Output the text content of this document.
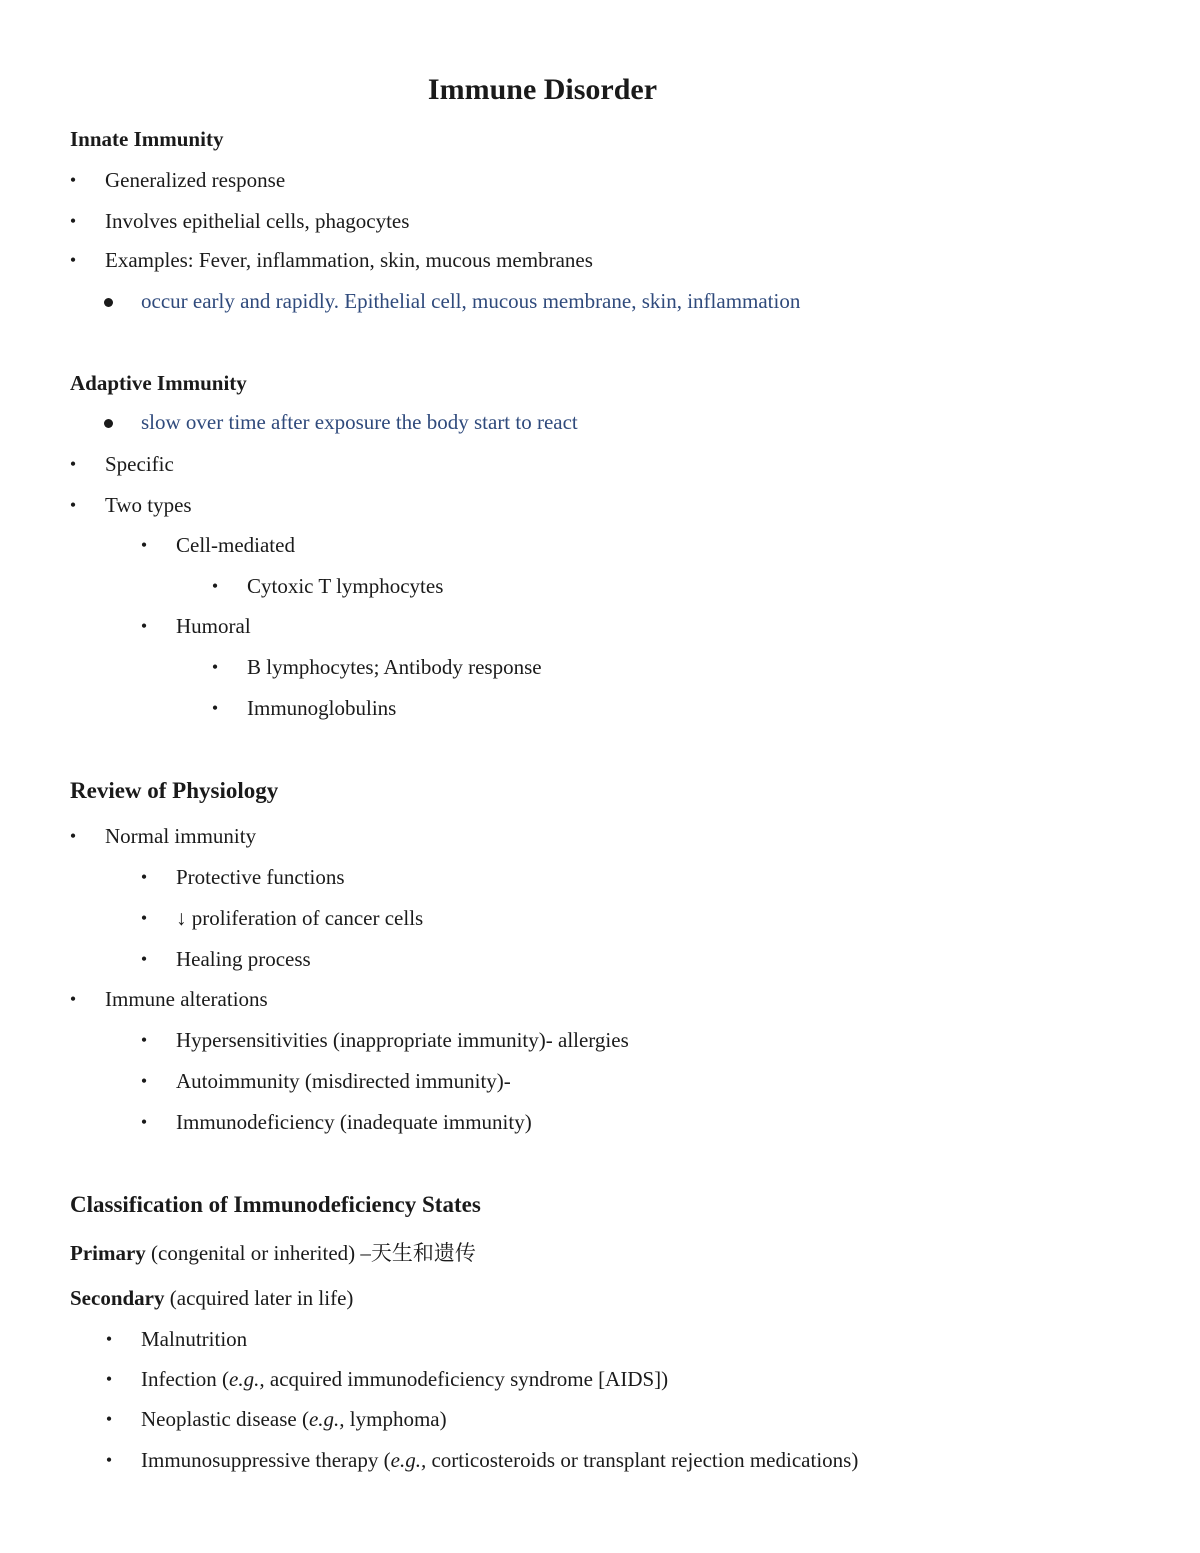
Immune Disorder
Innate Immunity
•	Generalized response
•	Involves epithelial cells, phagocytes
•	Examples: Fever, inflammation, skin, mucous membranes
occur early and rapidly. Epithelial cell, mucous membrane, skin, inflammation
Adaptive Immunity
slow over time after exposure the body start to react
•	Specific
•	Two types
•	Cell-mediated
•	Cytoxic T lymphocytes
•	Humoral
•	B lymphocytes; Antibody response
•	Immunoglobulins
Review of Physiology
•	Normal immunity
•	Protective functions
•	↓ proliferation of cancer cells
•	Healing process
•	Immune alterations
•	Hypersensitivities (inappropriate immunity)- allergies
•	Autoimmunity (misdirected immunity)-
•	Immunodeficiency (inadequate immunity)
Classification of Immunodeficiency States
Primary (congenital or inherited) –天生和遗传
Secondary (acquired later in life)
•	Malnutrition
•	Infection (e.g., acquired immunodeficiency syndrome [AIDS])
•	Neoplastic disease (e.g., lymphoma)
•	Immunosuppressive therapy (e.g., corticosteroids or transplant rejection medications)
